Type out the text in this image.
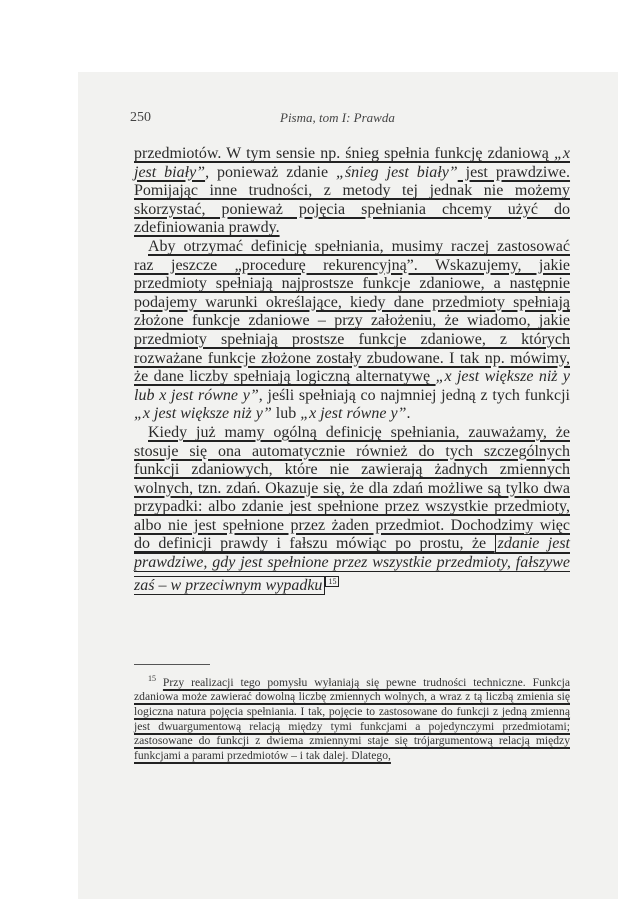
250	Pisma, tom I: Prawda

przedmiotów. W tym sensie np. śnieg spełnia funkcję zdaniową „x jest biały”, ponieważ zdanie „śnieg jest biały” jest prawdziwe. Pomijając inne trudności, z metody tej jednak nie możemy skorzystać, ponieważ pojęcia spełniania chcemy użyć do zdefiniowania prawdy.

Aby otrzymać definicję spełniania, musimy raczej zastosować raz jeszcze „procedurę rekurencyjną”. Wskazujemy, jakie przedmioty spełniają najprostsze funkcje zdaniowe, a następnie podajemy warunki określające, kiedy dane przedmioty spełniają złożone funkcje zdaniowe – przy założeniu, że wiadomo, jakie przedmioty spełniają prostsze funkcje zdaniowe, z których rozważane funkcje złożone zostały zbudowane. I tak np. mówimy, że dane liczby spełniają logiczną alternatywę „x jest większe niż y lub x jest równe y”, jeśli spełniają co najmniej jedną z tych funkcji „x jest większe niż y” lub „x jest równe y”.

Kiedy już mamy ogólną definicję spełniania, zauważamy, że stosuje się ona automatycznie również do tych szczególnych funkcji zdaniowych, które nie zawierają żadnych zmiennych wolnych, tzn. zdań. Okazuje się, że dla zdań możliwe są tylko dwa przypadki: albo zdanie jest spełnione przez wszystkie przedmioty, albo nie jest spełnione przez żaden przedmiot. Dochodzimy więc do definicji prawdy i fałszu mówiąc po prostu, że zdanie jest prawdziwe, gdy jest spełnione przez wszystkie przedmioty, fałszywe zaś – w przeciwnym wypadku $^{15}$

$^{15}$ Przy realizacji tego pomysłu wyłaniają się pewne trudności techniczne. Funkcja zdaniowa może zawierać dowolną liczbę zmiennych wolnych, a wraz z tą liczbą zmienia się logiczna natura pojęcia spełniania. I tak, pojęcie to zastosowane do funkcji z jedną zmienną jest dwuargumentową relacją między tymi funkcjami a pojedynczymi przedmiotami; zastosowane do funkcji z dwiema zmiennymi staje się trójargumentową relacją między funkcjami a parami przedmiotów – i tak dalej. Dlatego,
